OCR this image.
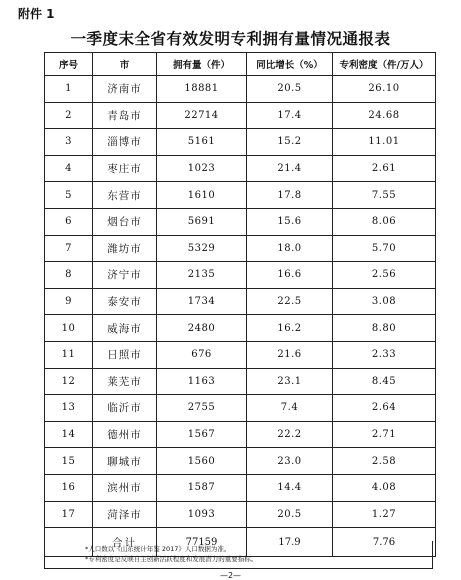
附件 1
一季度末全省有效发明专利拥有量情况通报表
序号	市	拥有量（件）	同比增长（%）	专利密度（件/万人）
1	济南市	18881	20.5	26.10
2	青岛市	22714	17.4	24.68
3	淄博市	5161	15.2	11.01
4	枣庄市	1023	21.4	2.61
5	东营市	1610	17.8	7.55
6	烟台市	5691	15.6	8.06
7	潍坊市	5329	18.0	5.70
8	济宁市	2135	16.6	2.56
9	泰安市	1734	22.5	3.08
10	威海市	2480	16.2	8.80
11	日照市	676	21.6	2.33
12	莱芜市	1163	23.1	8.45
13	临沂市	2755	7.4	2.64
14	德州市	1567	22.2	2.71
15	聊城市	1560	23.0	2.58
16	滨州市	1587	14.4	4.08
17	菏泽市	1093	20.5	1.27
	合计	77159	17.9	7.76
*人口数以《山东统计年鉴 2017》人口数据为准。
*专利密度是反映自主创新活跃程度和发展潜力的重要指标。
—2—
